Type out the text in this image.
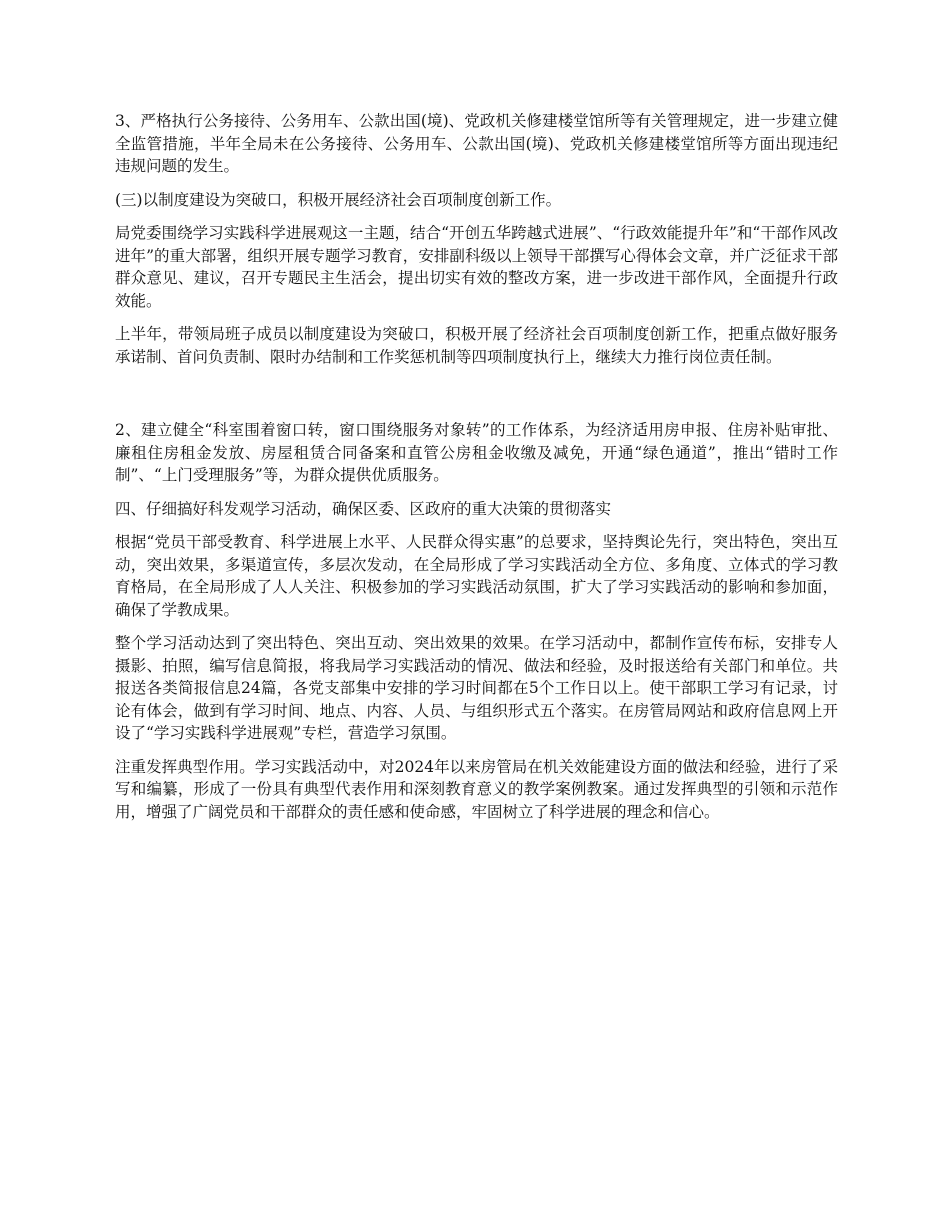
3、严格执行公务接待、公务用车、公款出国(境)、党政机关修建楼堂馆所等有关管理规定，进一步建立健全监管措施，半年全局未在公务接待、公务用车、公款出国(境)、党政机关修建楼堂馆所等方面出现违纪违规问题的发生。

(三)以制度建设为突破口，积极开展经济社会百项制度创新工作。

局党委围绕学习实践科学进展观这一主题，结合“开创五华跨越式进展”、“行政效能提升年”和“干部作风改进年”的重大部署，组织开展专题学习教育，安排副科级以上领导干部撰写心得体会文章，并广泛征求干部群众意见、建议，召开专题民主生活会，提出切实有效的整改方案，进一步改进干部作风，全面提升行政效能。

上半年，带领局班子成员以制度建设为突破口，积极开展了经济社会百项制度创新工作，把重点做好服务承诺制、首问负责制、限时办结制和工作奖惩机制等四项制度执行上，继续大力推行岗位责任制。

2、建立健全“科室围着窗口转，窗口围绕服务对象转”的工作体系，为经济适用房申报、住房补贴审批、廉租住房租金发放、房屋租赁合同备案和直管公房租金收缴及减免，开通“绿色通道”，推出“错时工作制”、“上门受理服务”等，为群众提供优质服务。

四、仔细搞好科发观学习活动，确保区委、区政府的重大决策的贯彻落实

根据“党员干部受教育、科学进展上水平、人民群众得实惠”的总要求，坚持舆论先行，突出特色，突出互动，突出效果，多渠道宣传，多层次发动，在全局形成了学习实践活动全方位、多角度、立体式的学习教育格局，在全局形成了人人关注、积极参加的学习实践活动氛围，扩大了学习实践活动的影响和参加面，确保了学教成果。

整个学习活动达到了突出特色、突出互动、突出效果的效果。在学习活动中，都制作宣传布标，安排专人摄影、拍照，编写信息简报，将我局学习实践活动的情况、做法和经验，及时报送给有关部门和单位。共报送各类简报信息24篇，各党支部集中安排的学习时间都在5个工作日以上。使干部职工学习有记录，讨论有体会，做到有学习时间、地点、内容、人员、与组织形式五个落实。在房管局网站和政府信息网上开设了“学习实践科学进展观”专栏，营造学习氛围。

注重发挥典型作用。学习实践活动中，对2024年以来房管局在机关效能建设方面的做法和经验，进行了采写和编纂，形成了一份具有典型代表作用和深刻教育意义的教学案例教案。通过发挥典型的引领和示范作用，增强了广阔党员和干部群众的责任感和使命感，牢固树立了科学进展的理念和信心。
